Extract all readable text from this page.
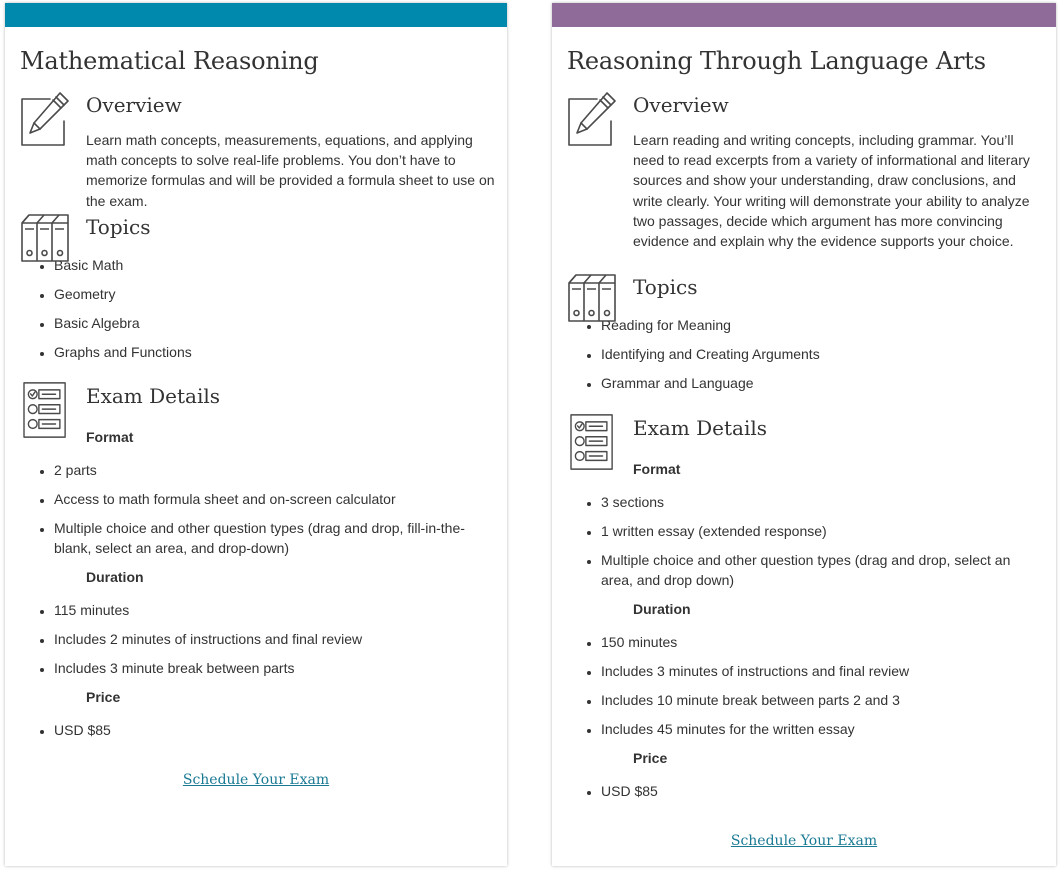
Mathematical Reasoning
Overview

Learn math concepts, measurements, equations, and applying math concepts to solve real-life problems. You don’t have to memorize formulas and will be provided a formula sheet to use on the exam.

Topics
• Basic Math
• Geometry
• Basic Algebra
• Graphs and Functions
Exam Details
Format
• 2 parts
• Access to math formula sheet and on-screen calculator
• Multiple choice and other question types (drag and drop, fill-in-the-blank, select an area, and drop-down)
Duration
• 115 minutes
• Includes 2 minutes of instructions and final review
• Includes 3 minute break between parts
Price
• USD $85
Schedule Your Exam
Reasoning Through Language Arts
Overview

Learn reading and writing concepts, including grammar. You’ll need to read excerpts from a variety of informational and literary sources and show your understanding, draw conclusions, and write clearly. Your writing will demonstrate your ability to analyze two passages, decide which argument has more convincing evidence and explain why the evidence supports your choice.

Topics
• Reading for Meaning
• Identifying and Creating Arguments
• Grammar and Language
Exam Details
Format
• 3 sections
• 1 written essay (extended response)
• Multiple choice and other question types (drag and drop, select an area, and drop down)
Duration
• 150 minutes
• Includes 3 minutes of instructions and final review
• Includes 10 minute break between parts 2 and 3
• Includes 45 minutes for the written essay
Price
• USD $85
Schedule Your Exam
